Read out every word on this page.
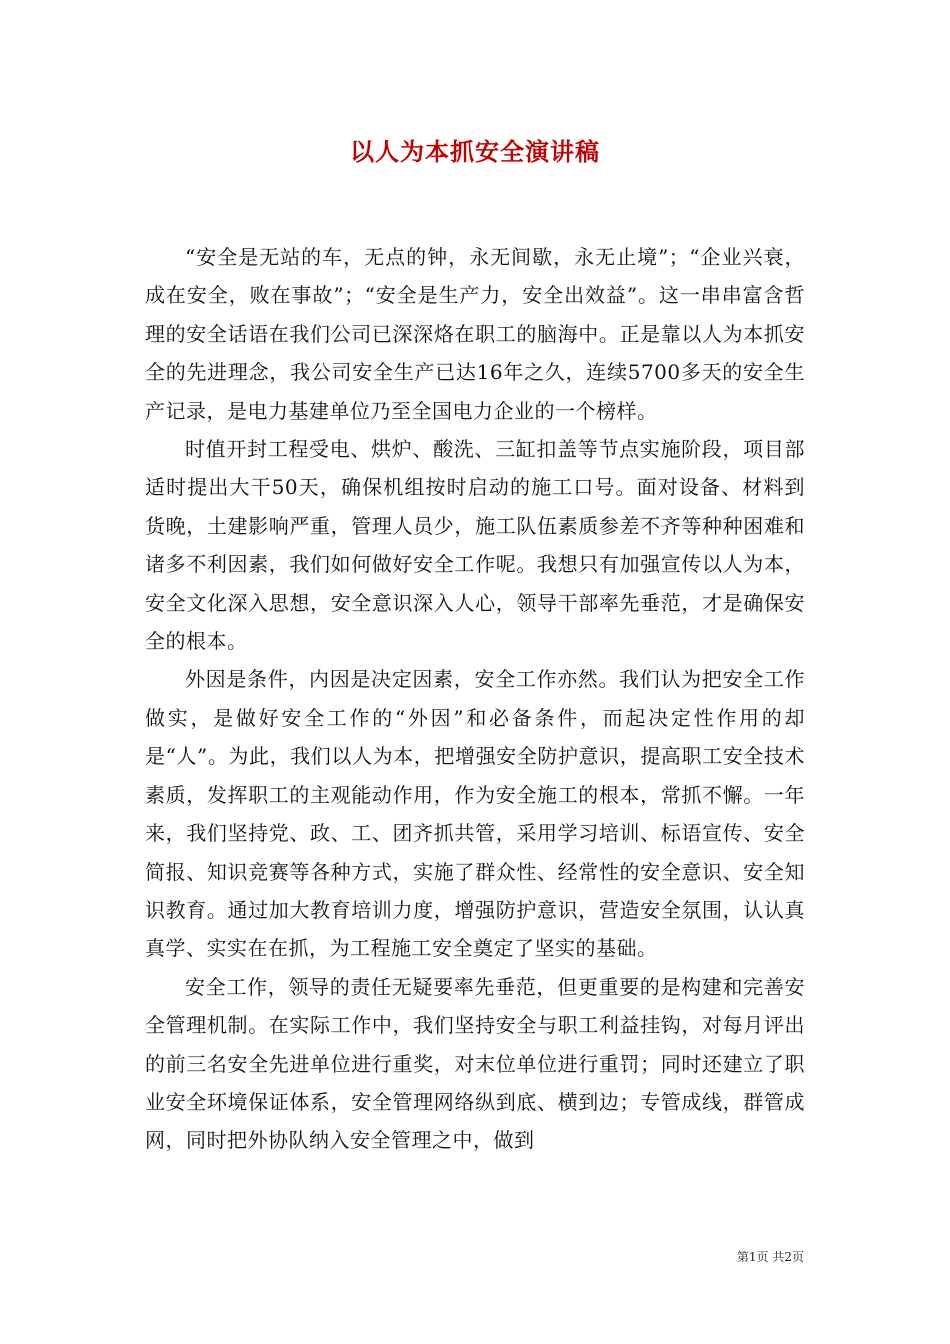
以人为本抓安全演讲稿

“安全是无站的车，无点的钟，永无间歇，永无止境”；“企业兴衰，成在安全，败在事故”；“安全是生产力，安全出效益”。这一串串富含哲理的安全话语在我们公司已深深烙在职工的脑海中。正是靠以人为本抓安全的先进理念，我公司安全生产已达16年之久，连续5700多天的安全生产记录，是电力基建单位乃至全国电力企业的一个榜样。

时值开封工程受电、烘炉、酸洗、三缸扣盖等节点实施阶段，项目部适时提出大干50天，确保机组按时启动的施工口号。面对设备、材料到货晚，土建影响严重，管理人员少，施工队伍素质参差不齐等种种困难和诸多不利因素，我们如何做好安全工作呢。我想只有加强宣传以人为本，安全文化深入思想，安全意识深入人心，领导干部率先垂范，才是确保安全的根本。

外因是条件，内因是决定因素，安全工作亦然。我们认为把安全工作做实，是做好安全工作的“外因”和必备条件，而起决定性作用的却是“人”。为此，我们以人为本，把增强安全防护意识，提高职工安全技术素质，发挥职工的主观能动作用，作为安全施工的根本，常抓不懈。一年来，我们坚持党、政、工、团齐抓共管，采用学习培训、标语宣传、安全简报、知识竞赛等各种方式，实施了群众性、经常性的安全意识、安全知识教育。通过加大教育培训力度，增强防护意识，营造安全氛围，认认真真学、实实在在抓，为工程施工安全奠定了坚实的基础。

安全工作，领导的责任无疑要率先垂范，但更重要的是构建和完善安全管理机制。在实际工作中，我们坚持安全与职工利益挂钩，对每月评出的前三名安全先进单位进行重奖，对末位单位进行重罚；同时还建立了职业安全环境保证体系，安全管理网络纵到底、横到边；专管成线，群管成网，同时把外协队纳入安全管理之中，做到

第1页 共2页
